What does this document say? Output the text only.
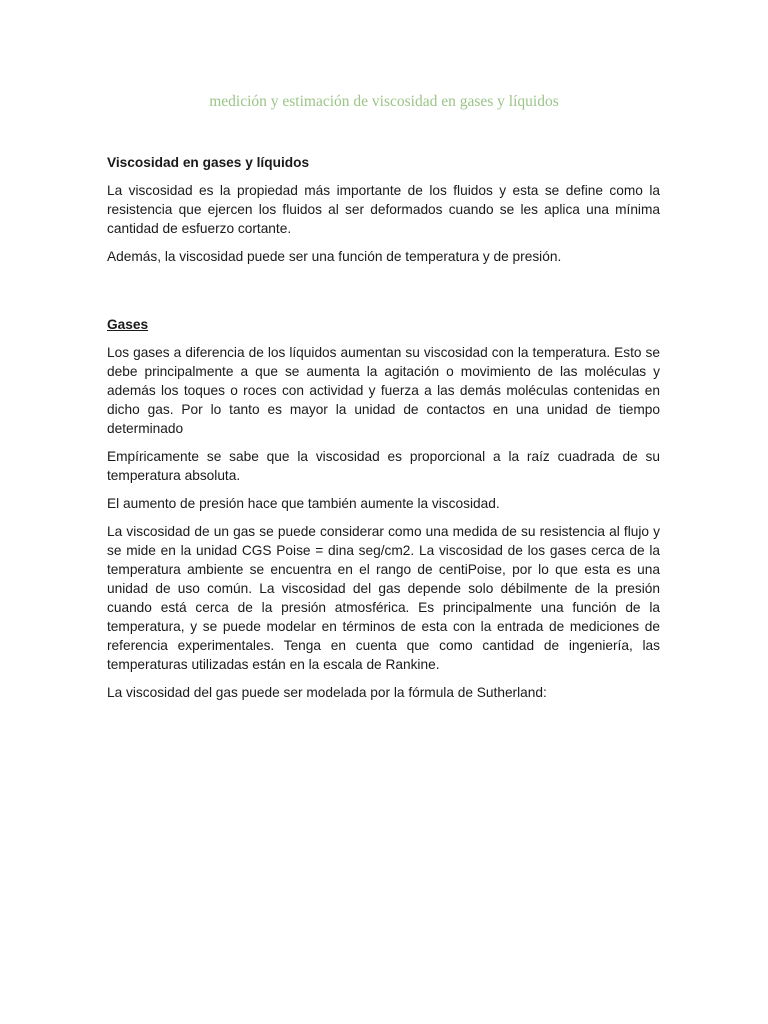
medición y estimación de viscosidad en gases y líquidos
Viscosidad en gases y líquidos

La viscosidad es la propiedad más importante de los fluidos y esta se define como la resistencia que ejercen los fluidos al ser deformados cuando se les aplica una mínima cantidad de esfuerzo cortante.

Además, la viscosidad puede ser una función de temperatura y de presión.

Gases

Los gases a diferencia de los líquidos aumentan su viscosidad con la temperatura. Esto se debe principalmente a que se aumenta la agitación o movimiento de las moléculas y además los toques o roces con actividad y fuerza a las demás moléculas contenidas en dicho gas. Por lo tanto es mayor la unidad de contactos en una unidad de tiempo determinado

Empíricamente se sabe que la viscosidad es proporcional a la raíz cuadrada de su temperatura absoluta.

El aumento de presión hace que también aumente la viscosidad.

La viscosidad de un gas se puede considerar como una medida de su resistencia al flujo y se mide en la unidad CGS Poise = dina seg/cm2. La viscosidad de los gases cerca de la temperatura ambiente se encuentra en el rango de centiPoise, por lo que esta es una unidad de uso común. La viscosidad del gas depende solo débilmente de la presión cuando está cerca de la presión atmosférica. Es principalmente una función de la temperatura, y se puede modelar en términos de esta con la entrada de mediciones de referencia experimentales. Tenga en cuenta que como cantidad de ingeniería, las temperaturas utilizadas están en la escala de Rankine.

La viscosidad del gas puede ser modelada por la fórmula de Sutherland:
